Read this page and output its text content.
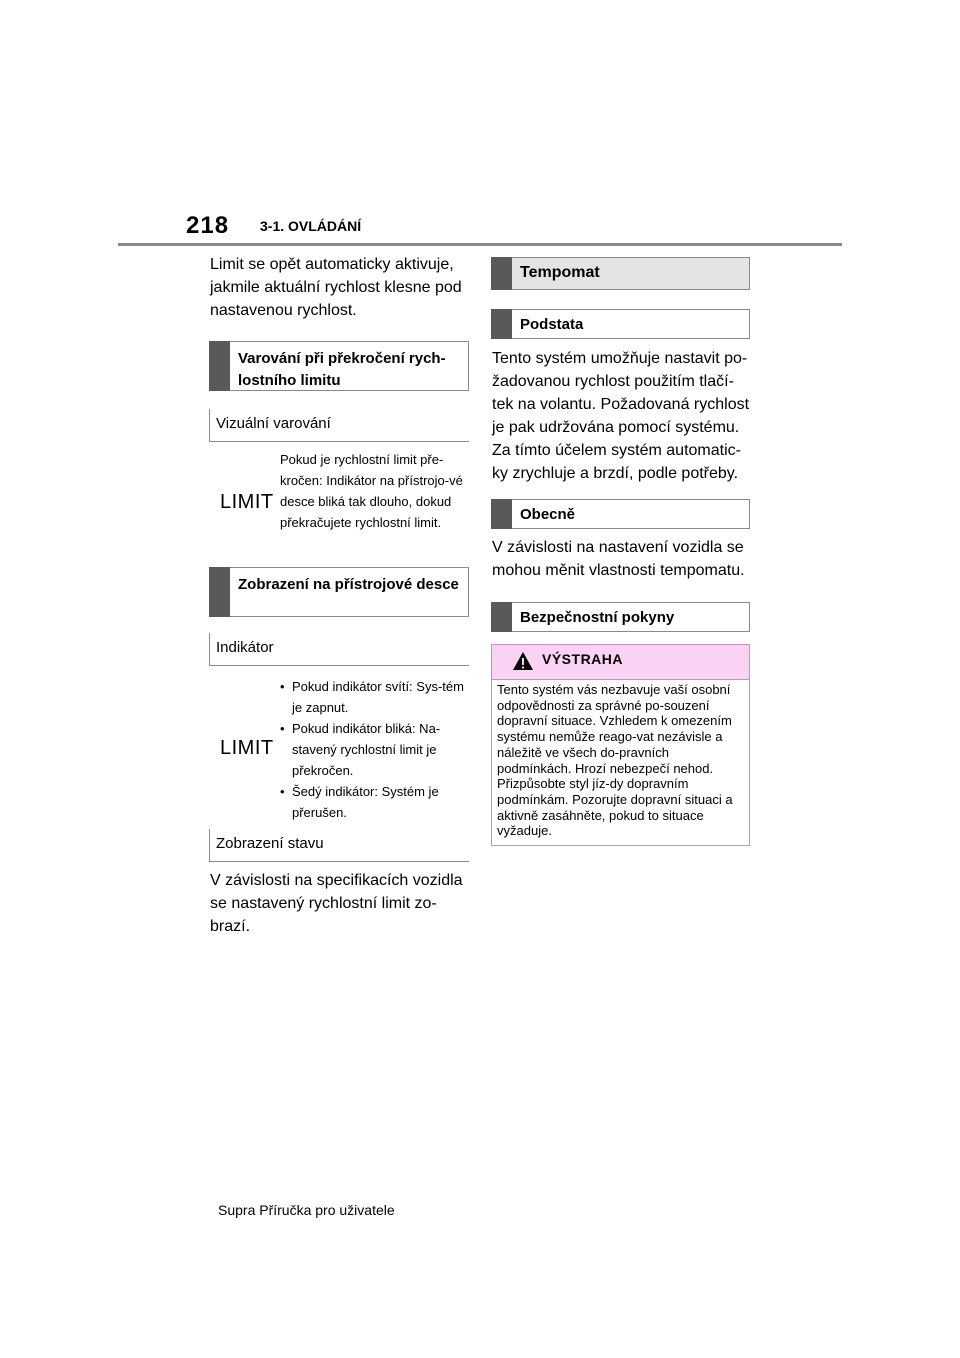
218 3-1. OVLÁDÁNÍ
Limit se opět automaticky aktivuje, jakmile aktuální rychlost klesne pod nastavenou rychlost.
Varování při překročení rych-lostního limitu
Vizuální varování
LIMIT
Pokud je rychlostní limit pře-kročen: Indikátor na přístrojo-vé desce bliká tak dlouho, dokud překračujete rychlostní limit.
Zobrazení na přístrojové desce
Indikátor
LIMIT
• Pokud indikátor svítí: Sys-tém je zapnut.
• Pokud indikátor bliká: Na-stavený rychlostní limit je překročen.
• Šedý indikátor: Systém je přerušen.
Zobrazení stavu
V závislosti na specifikacích vozidla se nastavený rychlostní limit zo-brazí.
Tempomat
Podstata
Tento systém umožňuje nastavit po-žadovanou rychlost použitím tlačí-tek na volantu. Požadovaná rychlost je pak udržována pomocí systému. Za tímto účelem systém automatic-ky zrychluje a brzdí, podle potřeby.
Obecně
V závislosti na nastavení vozidla se mohou měnit vlastnosti tempomatu.
Bezpečnostní pokyny
VÝSTRAHA
Tento systém vás nezbavuje vaší osobní odpovědnosti za správné po-souzení dopravní situace. Vzhledem k omezením systému nemůže reago-vat nezávisle a náležitě ve všech do-pravních podmínkách. Hrozí nebezpečí nehod. Přizpůsobte styl jíz-dy dopravním podmínkám. Pozorujte dopravní situaci a aktivně zasáhněte, pokud to situace vyžaduje.
Supra Příručka pro uživatele
